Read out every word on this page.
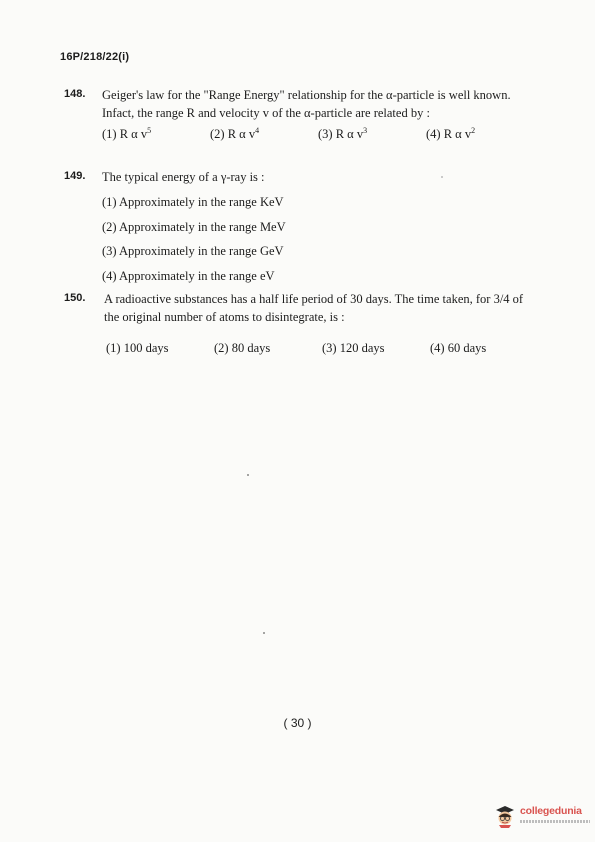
16P/218/22(i)
148. Geiger's law for the "Range Energy" relationship for the α-particle is well known. Infact, the range R and velocity v of the α-particle are related by :
(1) R α $v^5$	(2) R α $v^4$	(3) R α $v^3$	(4) R α $v^2$
149. The typical energy of a γ-ray is :
(1) Approximately in the range KeV
(2) Approximately in the range MeV
(3) Approximately in the range GeV
(4) Approximately in the range eV
150. A radioactive substances has a half life period of 30 days. The time taken, for 3/4 of the original number of atoms to disintegrate, is :
(1) 100 days	(2) 80 days	(3) 120 days	(4) 60 days
( 30 )
collegedunia
